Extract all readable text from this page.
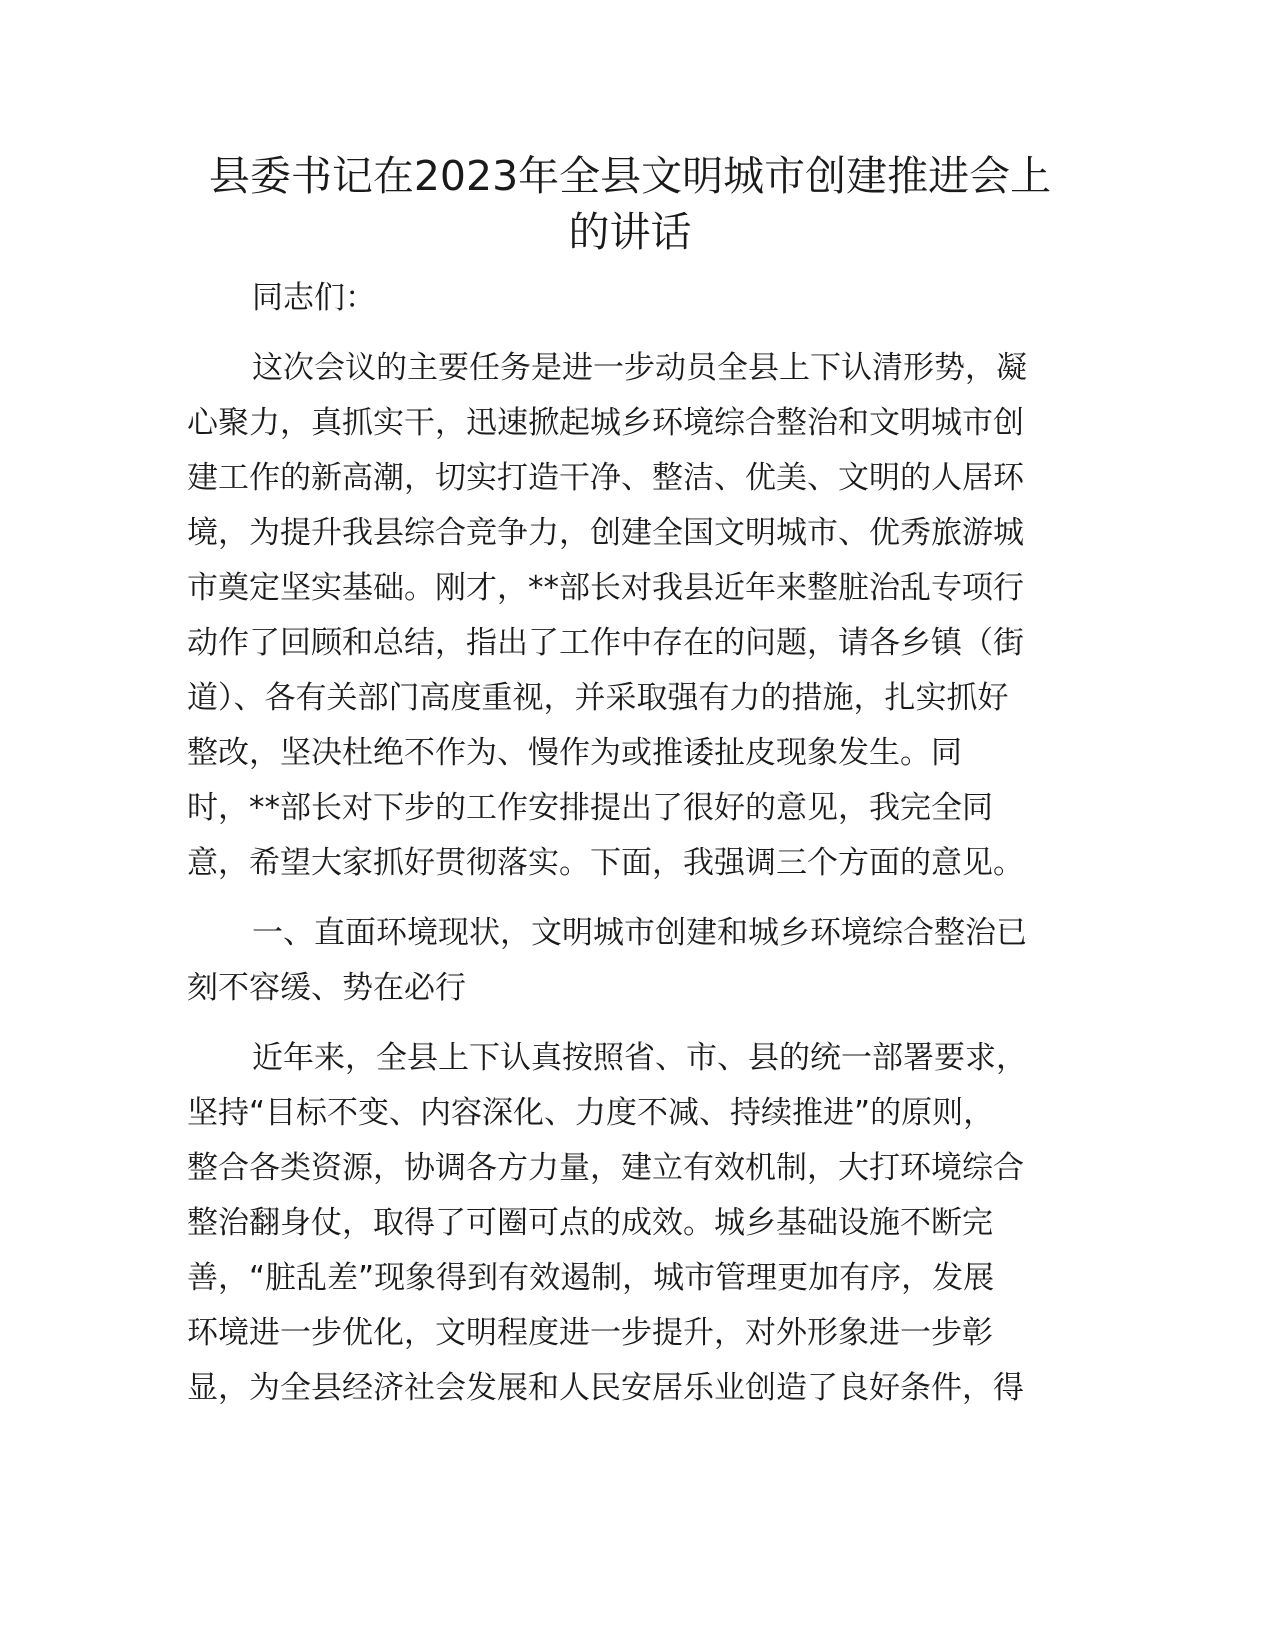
县委书记在2023年全县文明城市创建推进会上
的讲话

同志们：

这次会议的主要任务是进一步动员全县上下认清形势，凝

心聚力，真抓实干，迅速掀起城乡环境综合整治和文明城市创

建工作的新高潮，切实打造干净、整洁、优美、文明的人居环

境，为提升我县综合竞争力，创建全国文明城市、优秀旅游城

市奠定坚实基础。刚才，**部长对我县近年来整脏治乱专项行

动作了回顾和总结，指出了工作中存在的问题，请各乡镇（街

道）、各有关部门高度重视，并采取强有力的措施，扎实抓好

整改，坚决杜绝不作为、慢作为或推诿扯皮现象发生。同

时，**部长对下步的工作安排提出了很好的意见，我完全同

意，希望大家抓好贯彻落实。下面，我强调三个方面的意见。

一、直面环境现状，文明城市创建和城乡环境综合整治已

刻不容缓、势在必行

近年来，全县上下认真按照省、市、县的统一部署要求，

坚持“目标不变、内容深化、力度不减、持续推进”的原则，

整合各类资源，协调各方力量，建立有效机制，大打环境综合

整治翻身仗，取得了可圈可点的成效。城乡基础设施不断完

善，“脏乱差”现象得到有效遏制，城市管理更加有序，发展

环境进一步优化，文明程度进一步提升，对外形象进一步彰

显，为全县经济社会发展和人民安居乐业创造了良好条件，得
